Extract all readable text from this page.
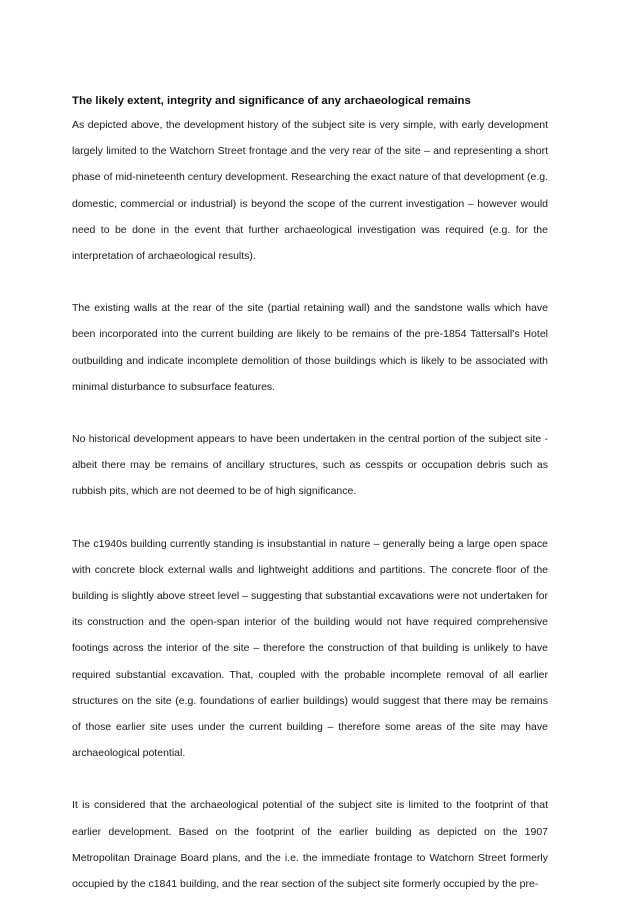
The likely extent, integrity and significance of any archaeological remains

As depicted above, the development history of the subject site is very simple, with early development largely limited to the Watchorn Street frontage and the very rear of the site – and representing a short phase of mid-nineteenth century development. Researching the exact nature of that development (e.g. domestic, commercial or industrial) is beyond the scope of the current investigation – however would need to be done in the event that further archaeological investigation was required (e.g. for the interpretation of archaeological results).

The existing walls at the rear of the site (partial retaining wall) and the sandstone walls which have been incorporated into the current building are likely to be remains of the pre-1854 Tattersall’s Hotel outbuilding and indicate incomplete demolition of those buildings which is likely to be associated with minimal disturbance to subsurface features.

No historical development appears to have been undertaken in the central portion of the subject site - albeit there may be remains of ancillary structures, such as cesspits or occupation debris such as rubbish pits, which are not deemed to be of high significance.

The c1940s building currently standing is insubstantial in nature – generally being a large open space with concrete block external walls and lightweight additions and partitions. The concrete floor of the building is slightly above street level – suggesting that substantial excavations were not undertaken for its construction and the open-span interior of the building would not have required comprehensive footings across the interior of the site – therefore the construction of that building is unlikely to have required substantial excavation. That, coupled with the probable incomplete removal of all earlier structures on the site (e.g. foundations of earlier buildings) would suggest that there may be remains of those earlier site uses under the current building – therefore some areas of the site may have archaeological potential.

It is considered that the archaeological potential of the subject site is limited to the footprint of that earlier development. Based on the footprint of the earlier building as depicted on the 1907 Metropolitan Drainage Board plans, and the i.e. the immediate frontage to Watchorn Street formerly occupied by the c1841 building, and the rear section of the subject site formerly occupied by the pre-
